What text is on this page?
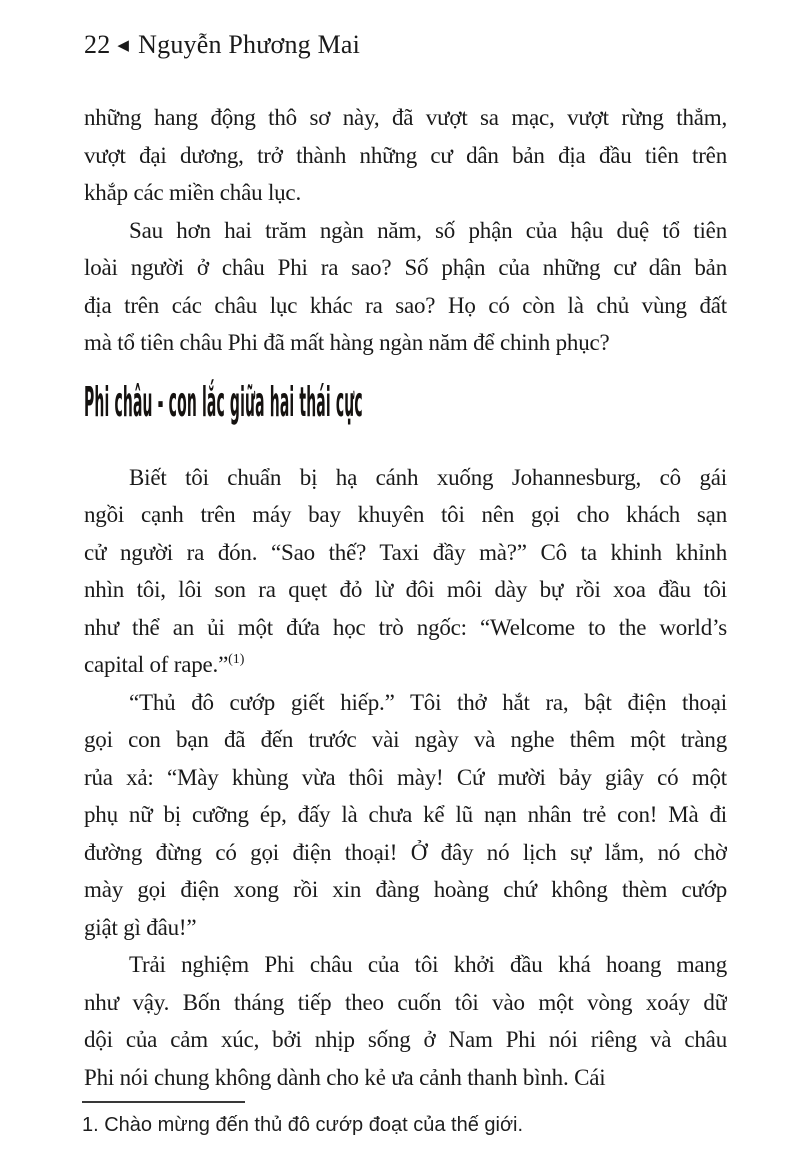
22 ◀ Nguyễn Phương Mai
những hang động thô sơ này, đã vượt sa mạc, vượt rừng thẳm,
vượt đại dương, trở thành những cư dân bản địa đầu tiên trên
khắp các miền châu lục.
Sau hơn hai trăm ngàn năm, số phận của hậu duệ tổ tiên
loài người ở châu Phi ra sao? Số phận của những cư dân bản
địa trên các châu lục khác ra sao? Họ có còn là chủ vùng đất
mà tổ tiên châu Phi đã mất hàng ngàn năm để chinh phục?
Phi châu - con lắc giữa hai thái cực
Biết tôi chuẩn bị hạ cánh xuống Johannesburg, cô gái
ngồi cạnh trên máy bay khuyên tôi nên gọi cho khách sạn
cử người ra đón. “Sao thế? Taxi đầy mà?” Cô ta khinh khỉnh
nhìn tôi, lôi son ra quẹt đỏ lừ đôi môi dày bự rồi xoa đầu tôi
như thể an ủi một đứa học trò ngốc: “Welcome to the world’s
capital of rape.”$^{(1)}$
“Thủ đô cướp giết hiếp.” Tôi thở hắt ra, bật điện thoại
gọi con bạn đã đến trước vài ngày và nghe thêm một tràng
rủa xả: “Mày khùng vừa thôi mày! Cứ mười bảy giây có một
phụ nữ bị cưỡng ép, đấy là chưa kể lũ nạn nhân trẻ con! Mà đi
đường đừng có gọi điện thoại! Ở đây nó lịch sự lắm, nó chờ
mày gọi điện xong rồi xin đàng hoàng chứ không thèm cướp
giật gì đâu!”
Trải nghiệm Phi châu của tôi khởi đầu khá hoang mang
như vậy. Bốn tháng tiếp theo cuốn tôi vào một vòng xoáy dữ
dội của cảm xúc, bởi nhịp sống ở Nam Phi nói riêng và châu
Phi nói chung không dành cho kẻ ưa cảnh thanh bình. Cái
1. Chào mừng đến thủ đô cướp đoạt của thế giới.
